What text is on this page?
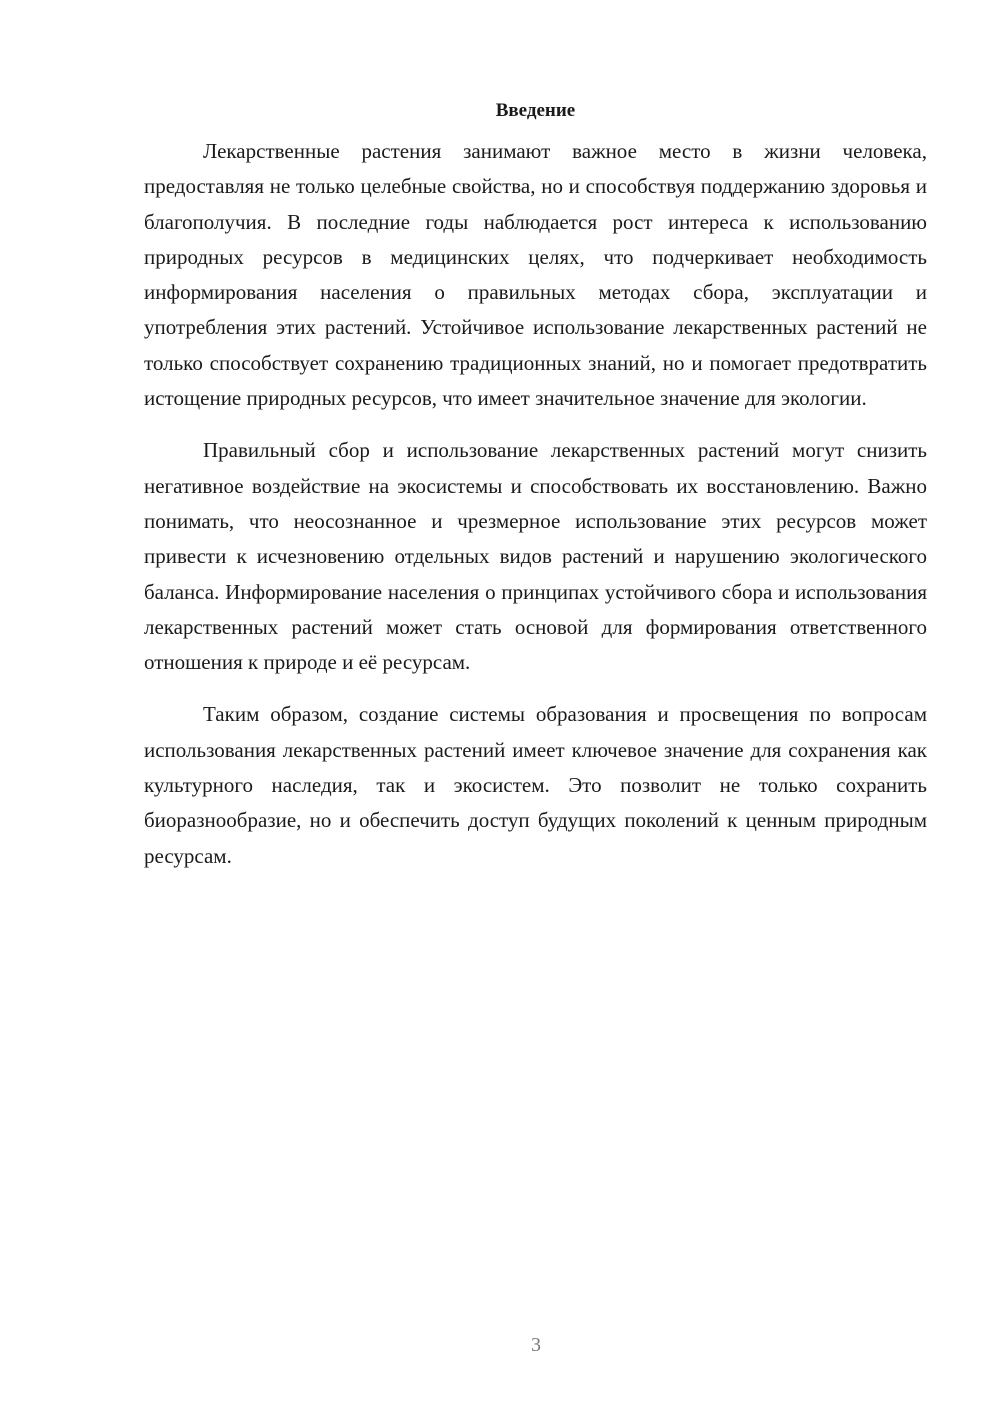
Введение

Лекарственные растения занимают важное место в жизни человека, предоставляя не только целебные свойства, но и способствуя поддержанию здоровья и благополучия. В последние годы наблюдается рост интереса к использованию природных ресурсов в медицинских целях, что подчеркивает необходимость информирования населения о правильных методах сбора, эксплуатации и употребления этих растений. Устойчивое использование лекарственных растений не только способствует сохранению традиционных знаний, но и помогает предотвратить истощение природных ресурсов, что имеет значительное значение для экологии.

Правильный сбор и использование лекарственных растений могут снизить негативное воздействие на экосистемы и способствовать их восстановлению. Важно понимать, что неосознанное и чрезмерное использование этих ресурсов может привести к исчезновению отдельных видов растений и нарушению экологического баланса. Информирование населения о принципах устойчивого сбора и использования лекарственных растений может стать основой для формирования ответственного отношения к природе и её ресурсам.

Таким образом, создание системы образования и просвещения по вопросам использования лекарственных растений имеет ключевое значение для сохранения как культурного наследия, так и экосистем. Это позволит не только сохранить биоразнообразие, но и обеспечить доступ будущих поколений к ценным природным ресурсам.

3
